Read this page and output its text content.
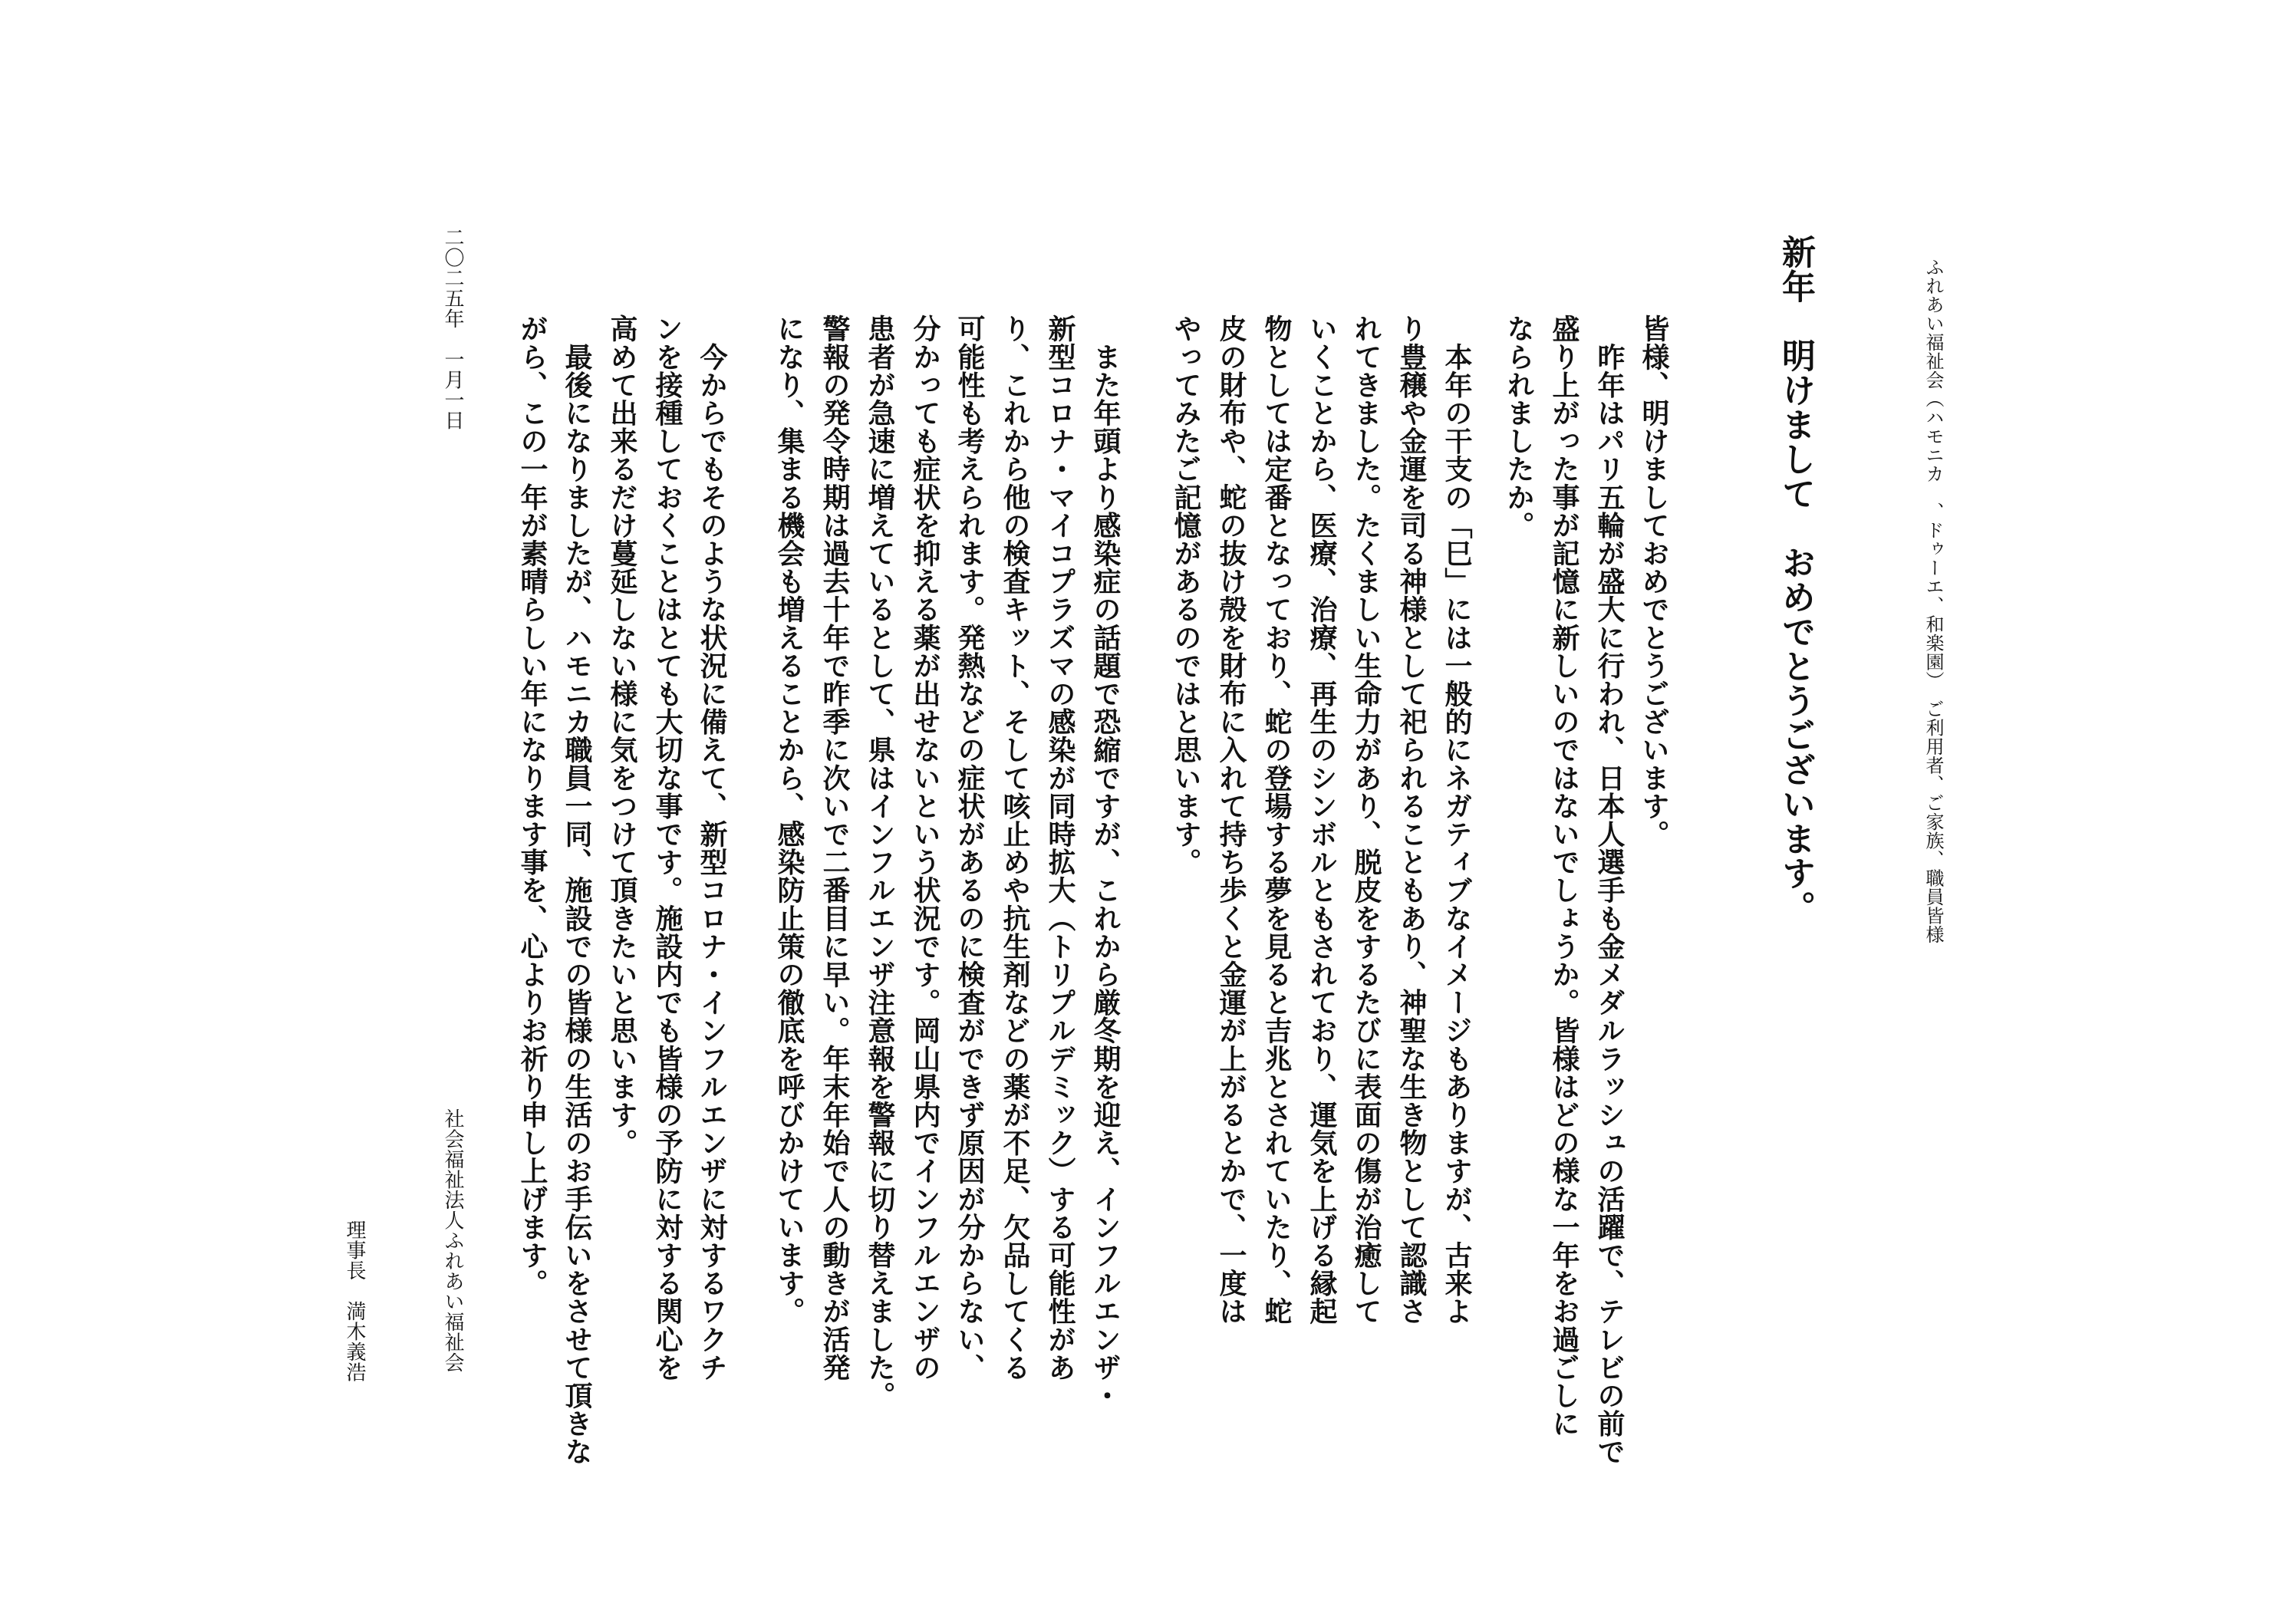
ふれあい福祉会（ハモニカ　、ドゥーエ、和楽園）　ご利用者、ご家族、職員皆様

新年　明けまして　おめでとうございます。

皆様、明けましておめでとうございます。

　昨年はパリ五輪が盛大に行われ、日本人選手も金メダルラッシュの活躍で、テレビの前で

盛り上がった事が記憶に新しいのではないでしょうか。皆様はどの様な一年をお過ごしに

なられましたか。

　本年の干支の「巳」には一般的にネガティブなイメージもありますが、古来よ

り豊穣や金運を司る神様として祀られることもあり、神聖な生き物として認識さ

れてきました。たくましい生命力があり、脱皮をするたびに表面の傷が治癒して

いくことから、医療、治療、再生のシンボルともされており、運気を上げる縁起

物としては定番となっており、蛇の登場する夢を見ると吉兆とされていたり、蛇

皮の財布や、蛇の抜け殻を財布に入れて持ち歩くと金運が上がるとかで、一度は

やってみたご記憶があるのではと思います。

　また年頭より感染症の話題で恐縮ですが、これから厳冬期を迎え、インフルエンザ・

新型コロナ・マイコプラズマの感染が同時拡大（トリプルデミック）する可能性があ

り、これから他の検査キット、そして咳止めや抗生剤などの薬が不足、欠品してくる

可能性も考えられます。発熱などの症状があるのに検査ができず原因が分からない、

分かっても症状を抑える薬が出せないという状況です。岡山県内でインフルエンザの

患者が急速に増えているとして、県はインフルエンザ注意報を警報に切り替えました。

警報の発令時期は過去十年で昨季に次いで二番目に早い。年末年始で人の動きが活発

になり、集まる機会も増えることから、感染防止策の徹底を呼びかけています。

　今からでもそのような状況に備えて、新型コロナ・インフルエンザに対するワクチ

ンを接種しておくことはとても大切な事です。施設内でも皆様の予防に対する関心を

高めて出来るだけ蔓延しない様に気をつけて頂きたいと思います。

　最後になりましたが、ハモニカ職員一同、施設での皆様の生活のお手伝いをさせて頂きな

がら、この一年が素晴らしい年になります事を、心よりお祈り申し上げます。

二〇二五年　一月一日

社会福祉法人ふれあい福祉会

理事長　満木義浩
